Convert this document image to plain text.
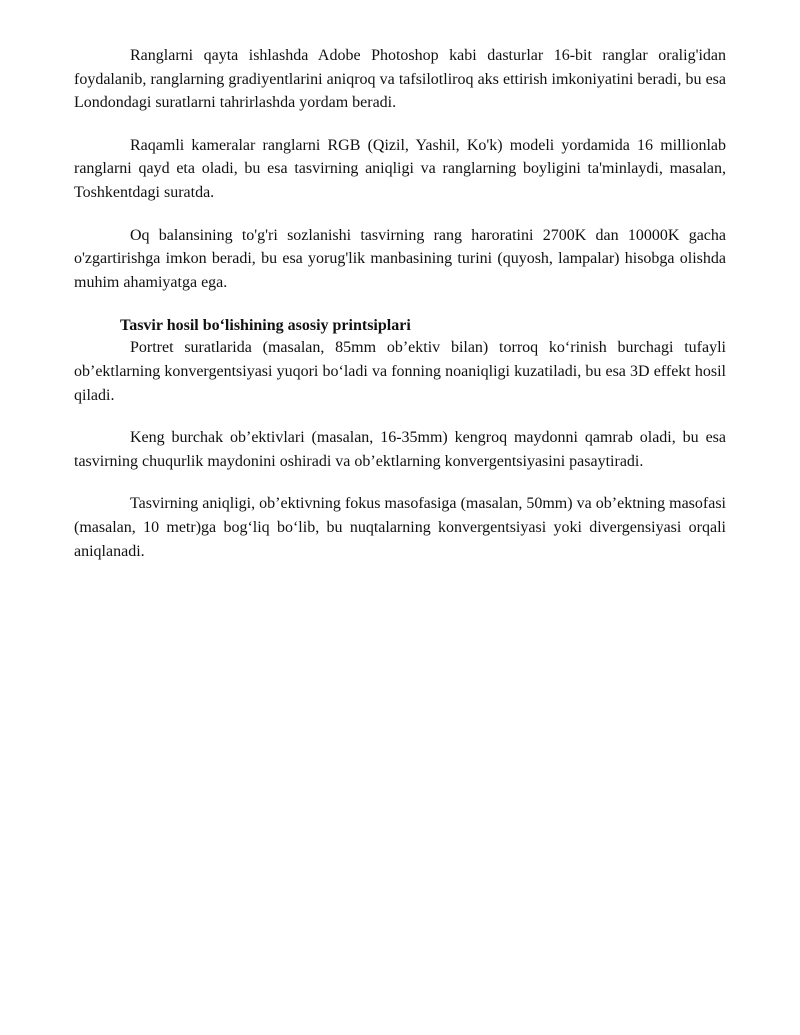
Ranglarni qayta ishlashda Adobe Photoshop kabi dasturlar 16-bit ranglar oralig'idan foydalanib, ranglarning gradiyentlarini aniqroq va tafsilotliroq aks ettirish imkoniyatini beradi, bu esa Londondagi suratlarni tahrirlashda yordam beradi.

Raqamli kameralar ranglarni RGB (Qizil, Yashil, Ko'k) modeli yordamida 16 millionlab ranglarni qayd eta oladi, bu esa tasvirning aniqligi va ranglarning boyligini ta'minlaydi, masalan, Toshkentdagi suratda.

Oq balansining to'g'ri sozlanishi tasvirning rang haroratini 2700K dan 10000K gacha o'zgartirishga imkon beradi, bu esa yorug'lik manbasining turini (quyosh, lampalar) hisobga olishda muhim ahamiyatga ega.

Tasvir hosil bo‘lishining asosiy printsiplari

Portret suratlarida (masalan, 85mm ob’ektiv bilan) torroq ko‘rinish burchagi tufayli ob’ektlarning konvergentsiyasi yuqori bo‘ladi va fonning noaniqligi kuzatiladi, bu esa 3D effekt hosil qiladi.

Keng burchak ob’ektivlari (masalan, 16-35mm) kengroq maydonni qamrab oladi, bu esa tasvirning chuqurlik maydonini oshiradi va ob’ektlarning konvergentsiyasini pasaytiradi.

Tasvirning aniqligi, ob’ektivning fokus masofasiga (masalan, 50mm) va ob’ektning masofasi (masalan, 10 metr)ga bog‘liq bo‘lib, bu nuqtalarning konvergentsiyasi yoki divergensiyasi orqali aniqlanadi.
